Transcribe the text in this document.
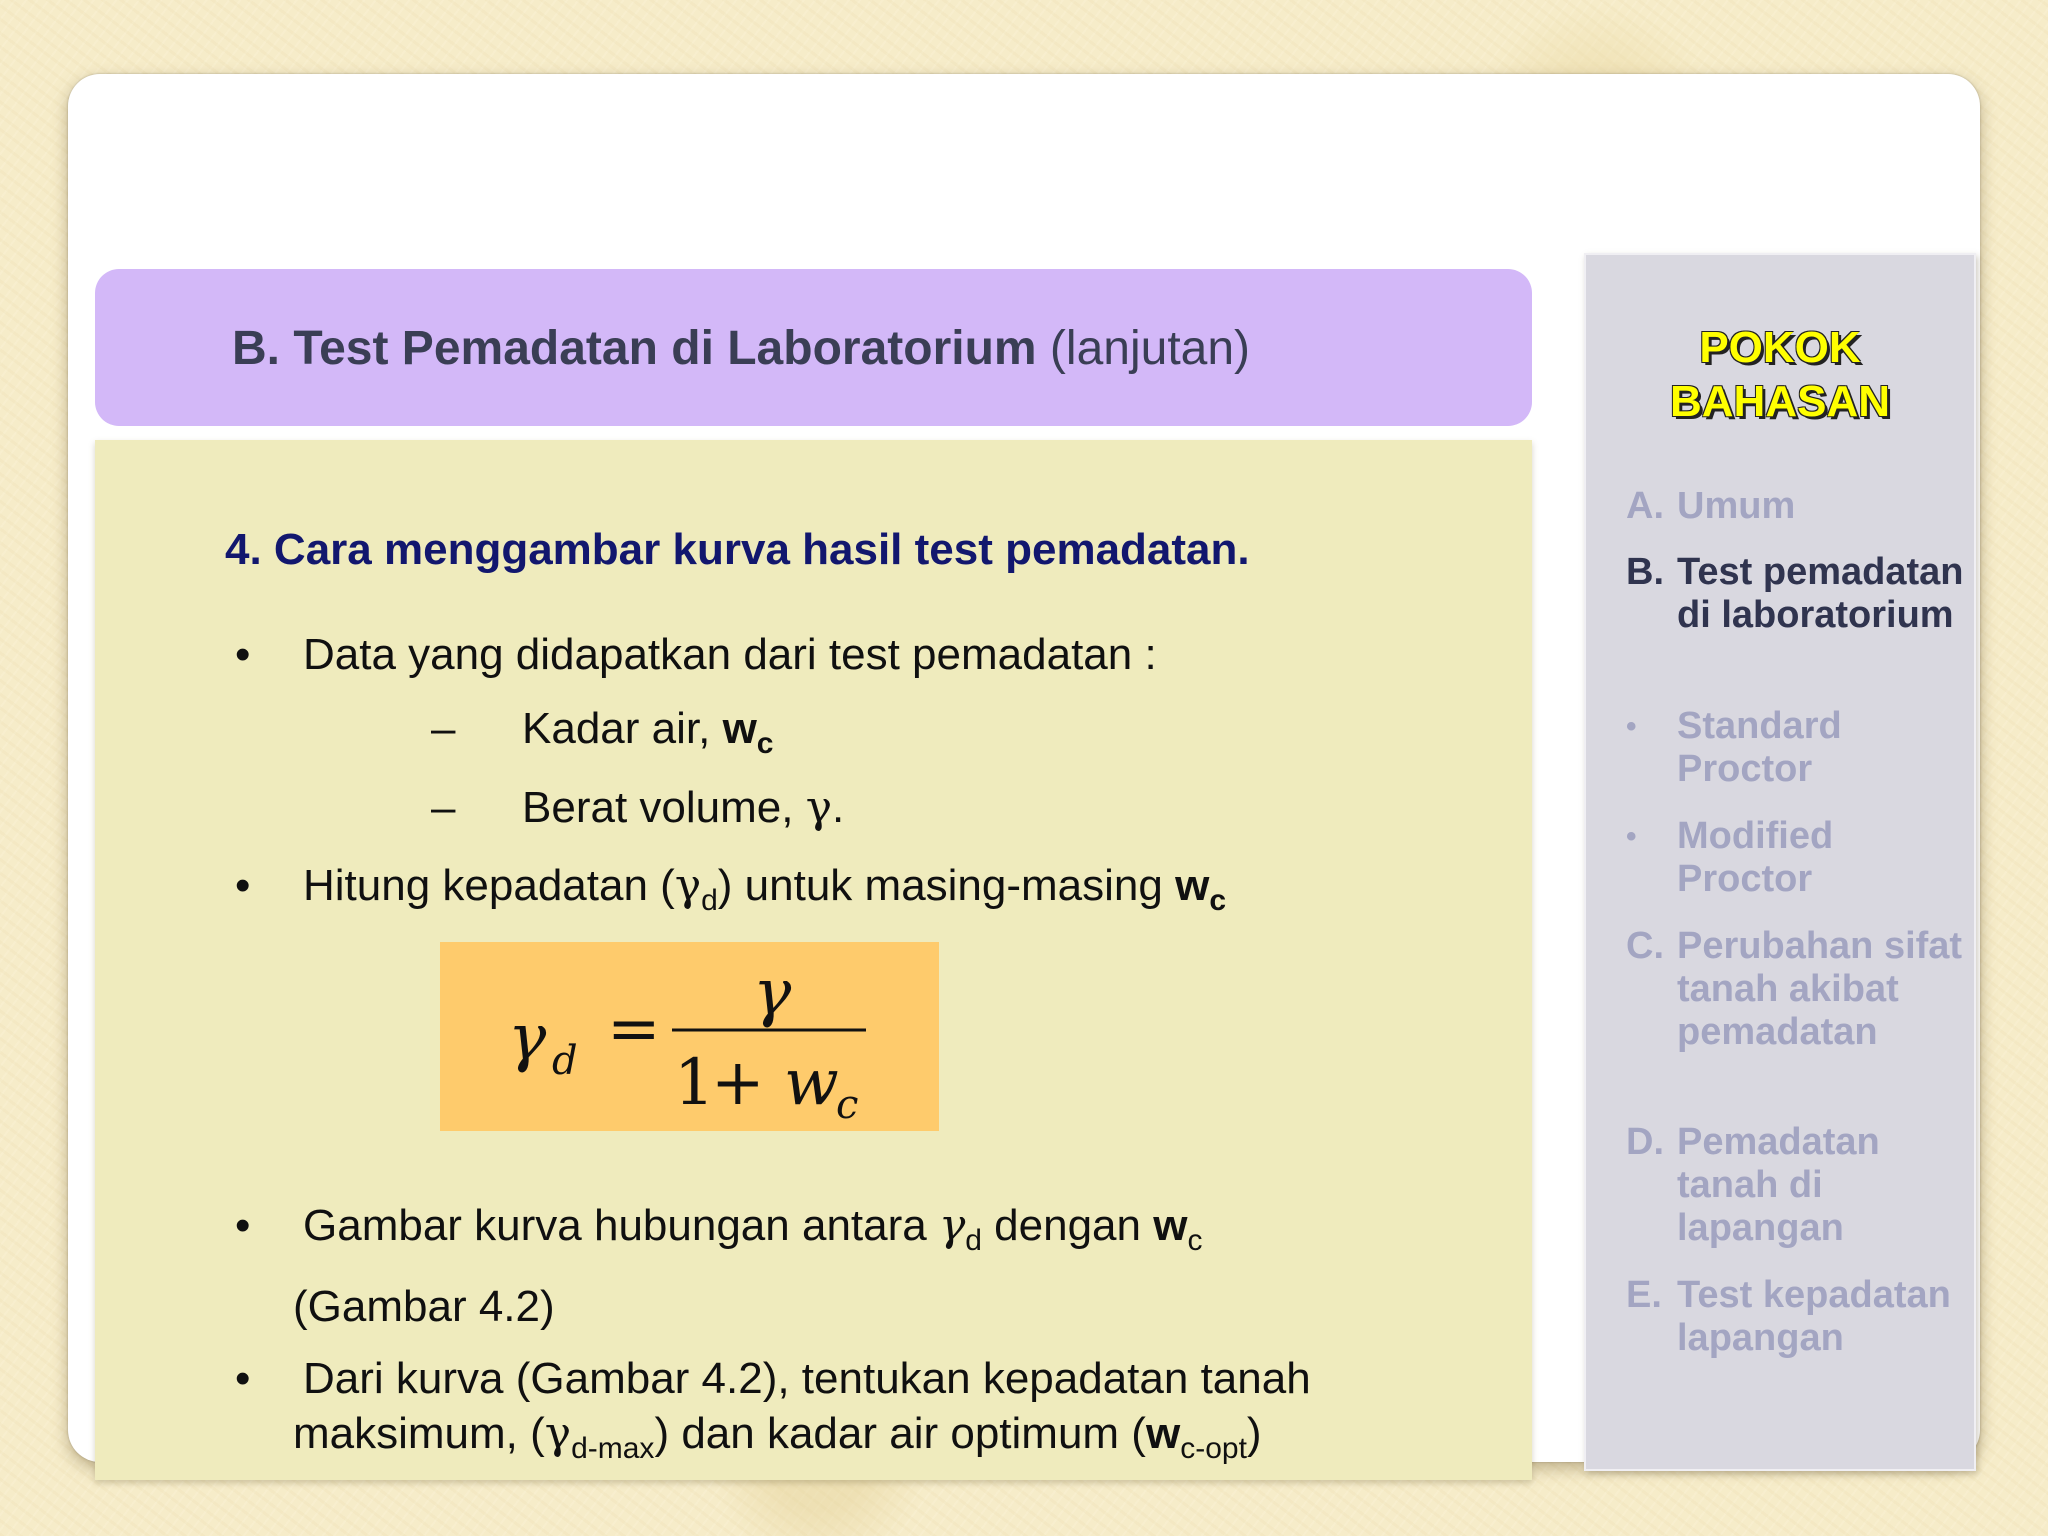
B. Test Pemadatan di Laboratorium (lanjutan)
4. Cara menggambar kurva hasil test pemadatan.
• Data yang didapatkan dari test pemadatan :
– Kadar air, $w_c$
– Berat volume, γ.
• Hitung kepadatan $(\gamma_d)$ untuk masing-masing $w_c$
γ d = γ
1
+ w
c
• Gambar kurva hubungan antara $\gamma_d$ dengan $w_c$
(Gambar 4.2)
• Dari kurva (Gambar 4.2), tentukan kepadatan tanah
maksimum, $(\gamma_{d-max})$ dan kadar air optimum $(w_{c-opt})$
POKOK
BAHASAN
A. Umum
B. Test pemadatan di laboratorium
• Standard Proctor
• Modified Proctor
C. Perubahan sifat tanah akibat pemadatan
D. Pemadatan tanah di lapangan
E. Test kepadatan lapangan
